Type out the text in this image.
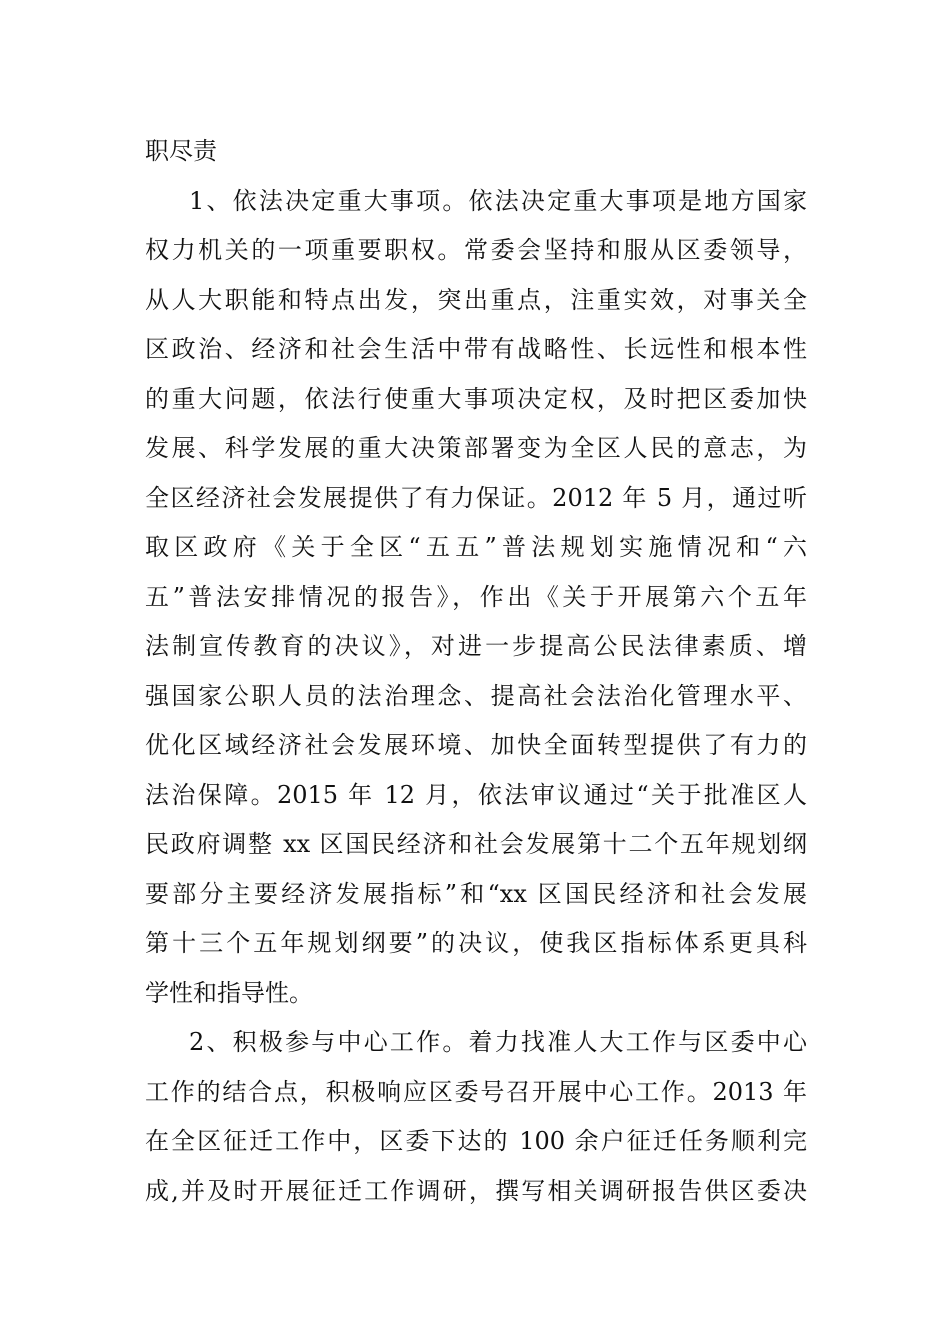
职尽责
1、依法决定重大事项。依法决定重大事项是地方国家
权力机关的一项重要职权。常委会坚持和服从区委领导，
从人大职能和特点出发，突出重点，注重实效，对事关全
区政治、经济和社会生活中带有战略性、长远性和根本性
的重大问题，依法行使重大事项决定权，及时把区委加快
发展、科学发展的重大决策部署变为全区人民的意志，为
全区经济社会发展提供了有力保证。2012 年 5 月，通过听
取区政府《关于全区“五五”普法规划实施情况和“六
五”普法安排情况的报告》，作出《关于开展第六个五年
法制宣传教育的决议》，对进一步提高公民法律素质、增
强国家公职人员的法治理念、提高社会法治化管理水平、
优化区域经济社会发展环境、加快全面转型提供了有力的
法治保障。2015 年 12 月，依法审议通过“关于批准区人
民政府调整 xx 区国民经济和社会发展第十二个五年规划纲
要部分主要经济发展指标”和“xx 区国民经济和社会发展
第十三个五年规划纲要”的决议，使我区指标体系更具科
学性和指导性。
2、积极参与中心工作。着力找准人大工作与区委中心
工作的结合点，积极响应区委号召开展中心工作。2013 年
在全区征迁工作中，区委下达的 100 余户征迁任务顺利完
成,并及时开展征迁工作调研，撰写相关调研报告供区委决
